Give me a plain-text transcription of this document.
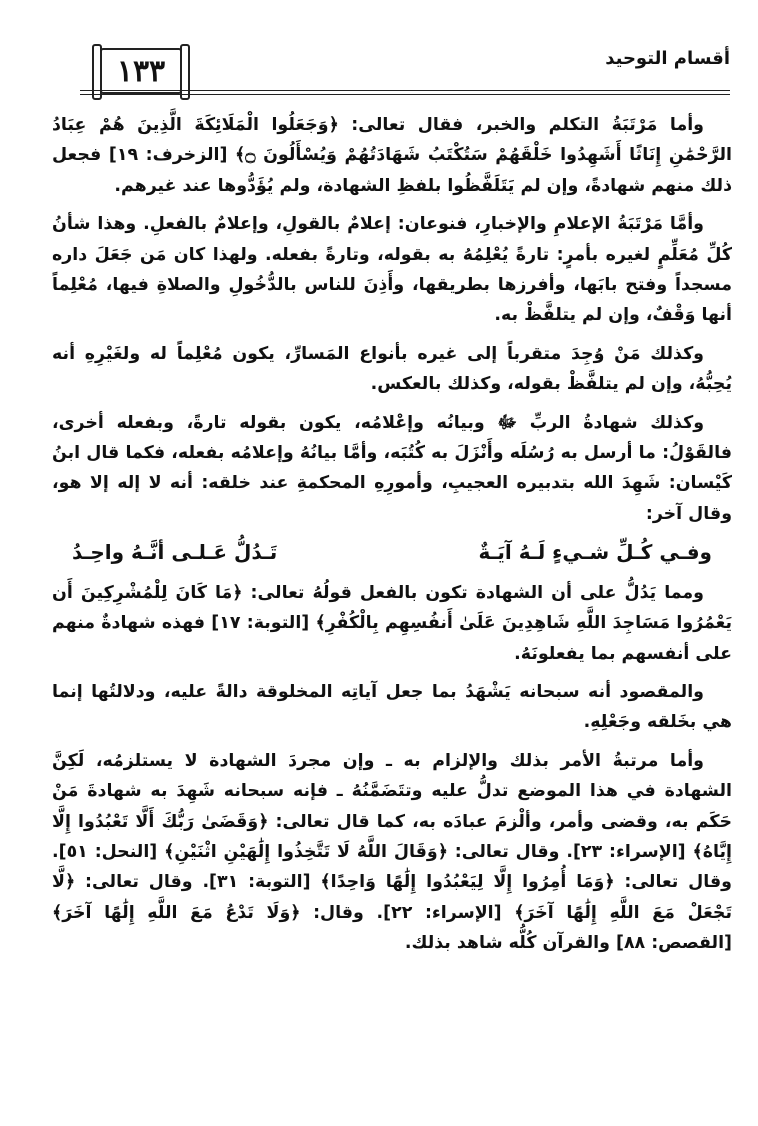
١٣٣	أقسام التوحيد

وأما مَرْتَبَةُ التكلم والخبر، فقال تعالى: ﴿وَجَعَلُوا الْمَلَائِكَةَ الَّذِينَ هُمْ عِبَادُ الرَّحْمَٰنِ إِنَاثًا أَشَهِدُوا خَلْقَهُمْ سَتُكْتَبُ شَهَادَتُهُمْ وَيُسْأَلُونَ ۝﴾ [الزخرف: ١٩] فجعل ذلك منهم شهادةً، وإن لم يَتَلَفَّظُوا بلفظِ الشهادة، ولم يُؤَدُّوها عند غيرهم.

وأمَّا مَرْتَبَةُ الإعلامِ والإخبارِ، فنوعان: إعلامٌ بالقولِ، وإعلامٌ بالفعلِ. وهذا شأنُ كُلِّ مُعَلِّمٍ لغيره بأمرٍ: تارةً يُعْلِمُهُ به بقوله، وتارةً بفعله. ولهذا كان مَن جَعَلَ داره مسجداً وفتح بابَها، وأفرزها بطريقها، وأَذِنَ للناس بالدُّخُولِ والصلاةِ فيها، مُعْلِماً أنها وَقْفٌ، وإن لم يتلفَّظْ به.

وكذلك مَنْ وُجِدَ متقرباً إلى غيره بأنواع المَسارِّ، يكون مُعْلِماً له ولغَيْرِهِ أنه يُحِبُّهُ، وإن لم يتلفَّظْ بقوله، وكذلك بالعكس.

وكذلك شهادةُ الربِّ ﷻ وبيانُه وإعْلامُه، يكون بقوله تارةً، وبفعله أخرى، فالقَوْلُ: ما أرسل به رُسُلَه وأَنْزَلَ به كُتُبَه، وأمَّا بيانُهُ وإعلامُه بفعله، فكما قال ابنُ كَيْسان: شَهِدَ الله بتدبيره العجيبِ، وأمورِهِ المحكمةِ عند خلقه: أنه لا إله إلا هو، وقال آخر:

وفـي كُـلِّ شـيءٍ لَـهُ آيَـةٌ
تَـدُلُّ عَـلـى أنَّـهُ واحِـدُ

ومما يَدُلُّ على أن الشهادة تكون بالفعل قولُهُ تعالى: ﴿مَا كَانَ لِلْمُشْرِكِينَ أَن يَعْمُرُوا مَسَاجِدَ اللَّهِ شَاهِدِينَ عَلَىٰ أَنفُسِهِم بِالْكُفْرِ﴾ [التوبة: ١٧] فهذه شهادةٌ منهم على أنفسهم بما يفعلونَهُ.

والمقصود أنه سبحانه يَشْهَدُ بما جعل آياتِه المخلوقة دالةً عليه، ودلالتُها إنما هي بخَلقه وجَعْلِهِ.

وأما مرتبةُ الأمر بذلك والإلزام به ـ وإن مجردَ الشهادة لا يستلزمُه، لَكِنَّ الشهادة في هذا الموضع تدلُّ عليه وتتَضَمَّنُهُ ـ فإنه سبحانه شَهِدَ به شهادةَ مَنْ حَكَم به، وقضى وأمر، وألْزمَ عبادَه به، كما قال تعالى: ﴿وَقَضَىٰ رَبُّكَ أَلَّا تَعْبُدُوا إِلَّا إِيَّاهُ﴾ [الإسراء: ٢٣]. وقال تعالى: ﴿وَقَالَ اللَّهُ لَا تَتَّخِذُوا إِلَٰهَيْنِ اثْنَيْنِ﴾ [النحل: ٥١]. وقال تعالى: ﴿وَمَا أُمِرُوا إِلَّا لِيَعْبُدُوا إِلَٰهًا وَاحِدًا﴾ [التوبة: ٣١]. وقال تعالى: ﴿لَّا تَجْعَلْ مَعَ اللَّهِ إِلَٰهًا آخَرَ﴾ [الإسراء: ٢٢]. وقال: ﴿وَلَا تَدْعُ مَعَ اللَّهِ إِلَٰهًا آخَرَ﴾ [القصص: ٨٨] والقرآن كُلُّه شاهد بذلك.
